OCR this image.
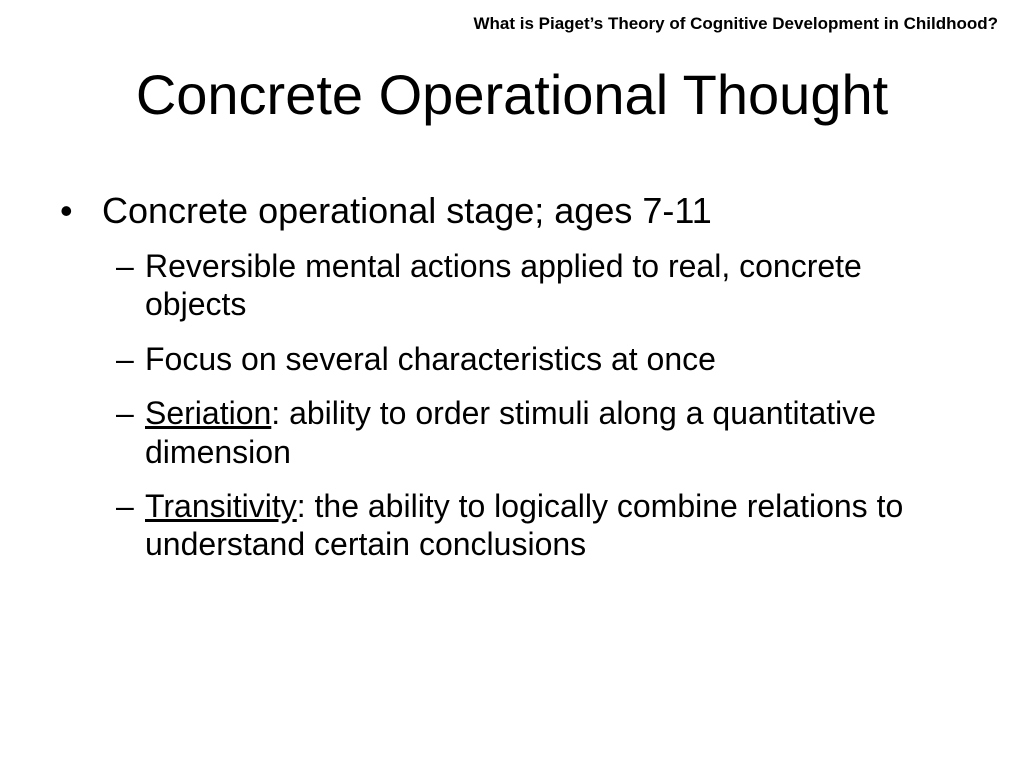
What is Piaget’s Theory of Cognitive Development in Childhood?
Concrete Operational Thought
• Concrete operational stage; ages 7-11
– Reversible mental actions applied to real, concrete objects
– Focus on several characteristics at once
– Seriation: ability to order stimuli along a quantitative dimension
– Transitivity: the ability to logically combine relations to understand certain conclusions
